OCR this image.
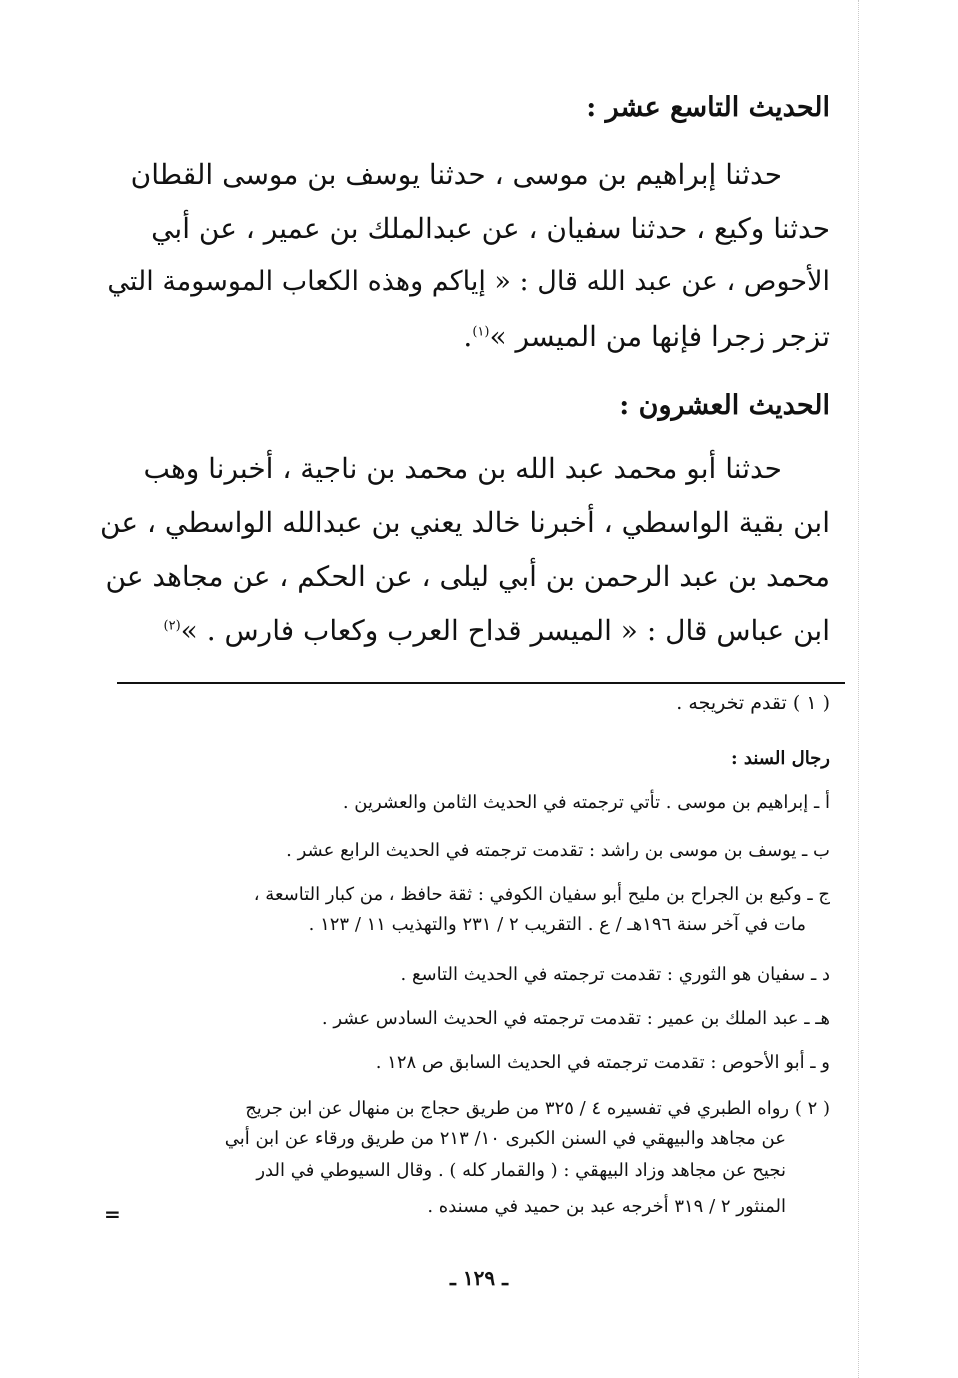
الحديث التاسع عشر :
حدثنا إبراهيم بن موسى ، حدثنا يوسف بن موسى القطان
حدثنا وكيع ، حدثنا سفيان ، عن عبدالملك بن عمير ، عن أبي
الأحوص ، عن عبد الله قال : « إياكم وهذه الكعاب الموسومة التي
تزجر زجرا فإنها من الميسر »$^{(١)}$.
الحديث العشرون :
حدثنا أبو محمد عبد الله بن محمد بن ناجية ، أخبرنا وهب
ابن بقية الواسطي ، أخبرنا خالد يعني بن عبدالله الواسطي ، عن
محمد بن عبد الرحمن بن أبي ليلى ، عن الحكم ، عن مجاهد عن
ابن عباس قال : « الميسر قداح العرب وكعاب فارس . »$^{(٢)}$
( ١ ) تقدم تخريجه .
رجال السند :
أ ـ إبراهيم بن موسى . تأتي ترجمته في الحديث الثامن والعشرين .
ب ـ يوسف بن موسى بن راشد : تقدمت ترجمته في الحديث الرابع عشر .
ج ـ وكيع بن الجراح بن مليح أبو سفيان الكوفي : ثقة حافظ ، من كبار التاسعة ،
مات في آخر سنة ١٩٦هـ / ع . التقريب ٢ / ٢٣١ والتهذيب ١١ / ١٢٣ .
د ـ سفيان هو الثوري : تقدمت ترجمته في الحديث التاسع .
هـ ـ عبد الملك بن عمير : تقدمت ترجمته في الحديث السادس عشر .
و ـ أبو الأحوص : تقدمت ترجمته في الحديث السابق ص ١٢٨ .
( ٢ ) رواه الطبري في تفسيره ٤ / ٣٢٥ من طريق حجاج بن منهال عن ابن جريج
عن مجاهد والبيهقي في السنن الكبرى ١٠/ ٢١٣ من طريق ورقاء عن ابن أبي
نجيح عن مجاهد وزاد البيهقي : ( والقمار كله ) . وقال السيوطي في الدر
المنثور ٢ / ٣١٩ أخرجه عبد بن حميد في مسنده .
=
ـ ١٢٩ ـ
